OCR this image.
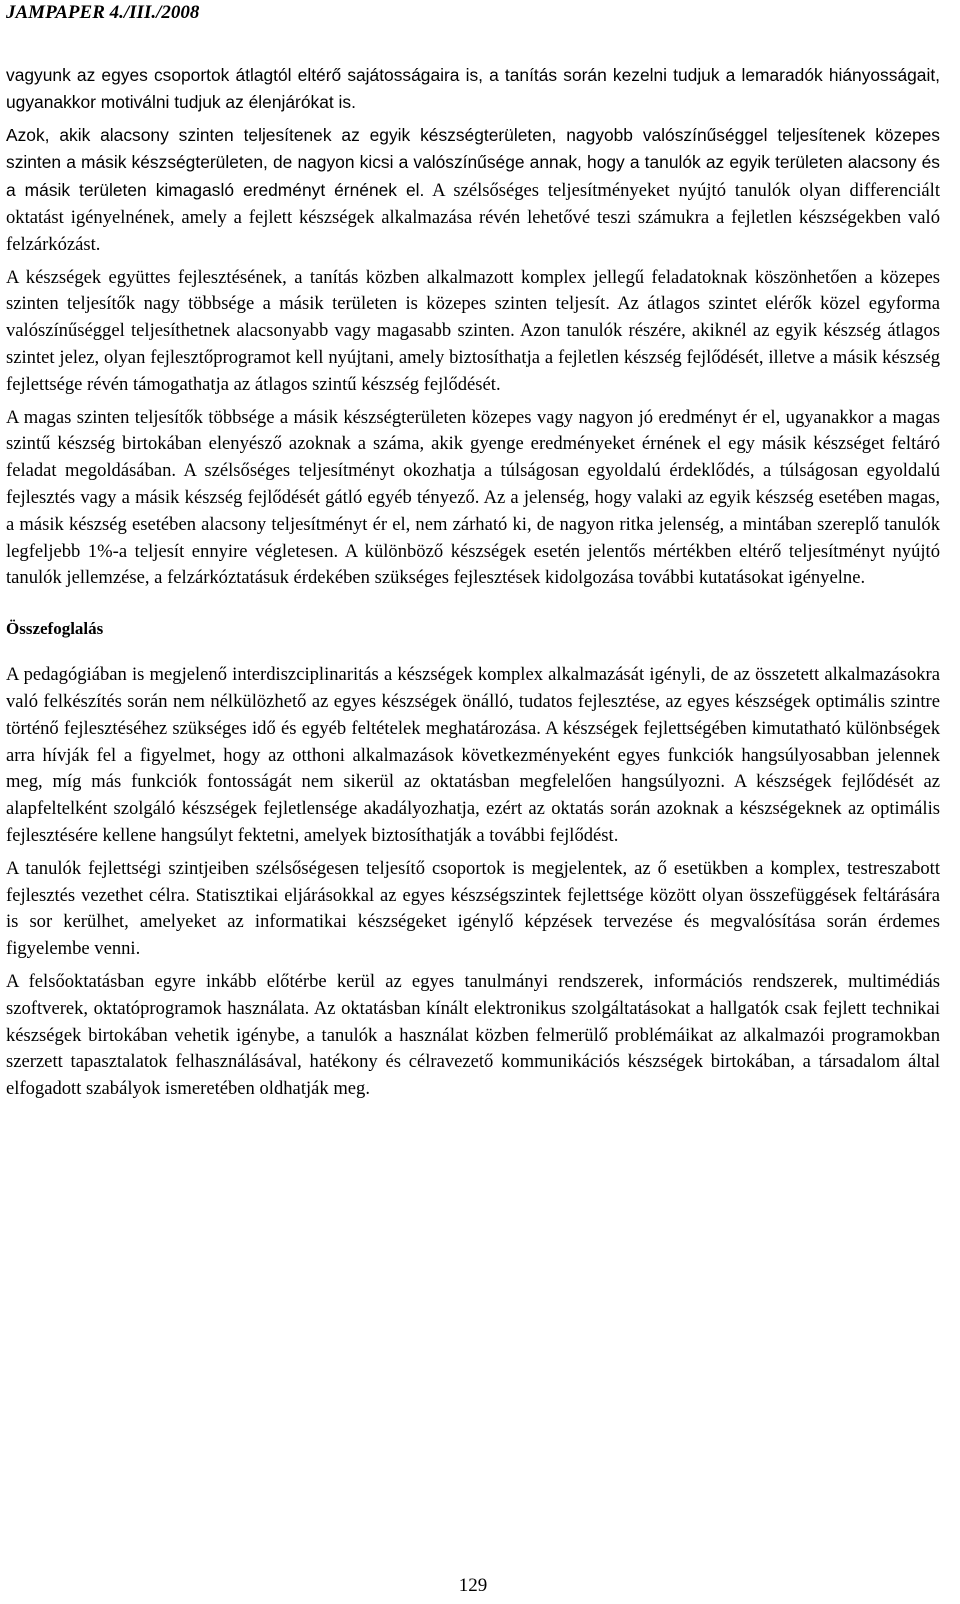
JAMPAPER 4./III./2008

vagyunk az egyes csoportok átlagtól eltérő sajátosságaira is, a tanítás során kezelni tudjuk a lemaradók hiányosságait, ugyanakkor motiválni tudjuk az élenjárókat is.

Azok, akik alacsony szinten teljesítenek az egyik készségterületen, nagyobb valószínűséggel teljesítenek közepes szinten a másik készségterületen, de nagyon kicsi a valószínűsége annak, hogy a tanulók az egyik területen alacsony és a másik területen kimagasló eredményt érnének el. A szélsőséges teljesítményeket nyújtó tanulók olyan differenciált oktatást igényelnének, amely a fejlett készségek alkalmazása révén lehetővé teszi számukra a fejletlen készségekben való felzárkózást.

A készségek együttes fejlesztésének, a tanítás közben alkalmazott komplex jellegű feladatoknak köszönhetően a közepes szinten teljesítők nagy többsége a másik területen is közepes szinten teljesít. Az átlagos szintet elérők közel egyforma valószínűséggel teljesíthetnek alacsonyabb vagy magasabb szinten. Azon tanulók részére, akiknél az egyik készség átlagos szintet jelez, olyan fejlesztőprogramot kell nyújtani, amely biztosíthatja a fejletlen készség fejlődését, illetve a másik készség fejlettsége révén támogathatja az átlagos szintű készség fejlődését.

A magas szinten teljesítők többsége a másik készségterületen közepes vagy nagyon jó eredményt ér el, ugyanakkor a magas szintű készség birtokában elenyésző azoknak a száma, akik gyenge eredményeket érnének el egy másik készséget feltáró feladat megoldásában. A szélsőséges teljesítményt okozhatja a túlságosan egyoldalú érdeklődés, a túlságosan egyoldalú fejlesztés vagy a másik készség fejlődését gátló egyéb tényező. Az a jelenség, hogy valaki az egyik készség esetében magas, a másik készség esetében alacsony teljesítményt ér el, nem zárható ki, de nagyon ritka jelenség, a mintában szereplő tanulók legfeljebb 1%-a teljesít ennyire végletesen. A különböző készségek esetén jelentős mértékben eltérő teljesítményt nyújtó tanulók jellemzése, a felzárkóztatásuk érdekében szükséges fejlesztések kidolgozása további kutatásokat igényelne.

Összefoglalás

A pedagógiában is megjelenő interdiszciplinaritás a készségek komplex alkalmazását igényli, de az összetett alkalmazásokra való felkészítés során nem nélkülözhető az egyes készségek önálló, tudatos fejlesztése, az egyes készségek optimális szintre történő fejlesztéséhez szükséges idő és egyéb feltételek meghatározása. A készségek fejlettségében kimutatható különbségek arra hívják fel a figyelmet, hogy az otthoni alkalmazások következményeként egyes funkciók hangsúlyosabban jelennek meg, míg más funkciók fontosságát nem sikerül az oktatásban megfelelően hangsúlyozni. A készségek fejlődését az alapfeltelként szolgáló készségek fejletlensége akadályozhatja, ezért az oktatás során azoknak a készségeknek az optimális fejlesztésére kellene hangsúlyt fektetni, amelyek biztosíthatják a további fejlődést.

A tanulók fejlettségi szintjeiben szélsőségesen teljesítő csoportok is megjelentek, az ő esetükben a komplex, testreszabott fejlesztés vezethet célra. Statisztikai eljárásokkal az egyes készségszintek fejlettsége között olyan összefüggések feltárására is sor kerülhet, amelyeket az informatikai készségeket igénylő képzések tervezése és megvalósítása során érdemes figyelembe venni.

A felsőoktatásban egyre inkább előtérbe kerül az egyes tanulmányi rendszerek, információs rendszerek, multimédiás szoftverek, oktatóprogramok használata. Az oktatásban kínált elektronikus szolgáltatásokat a hallgatók csak fejlett technikai készségek birtokában vehetik igénybe, a tanulók a használat közben felmerülő problémáikat az alkalmazói programokban szerzett tapasztalatok felhasználásával, hatékony és célravezető kommunikációs készségek birtokában, a társadalom által elfogadott szabályok ismeretében oldhatják meg.

129
